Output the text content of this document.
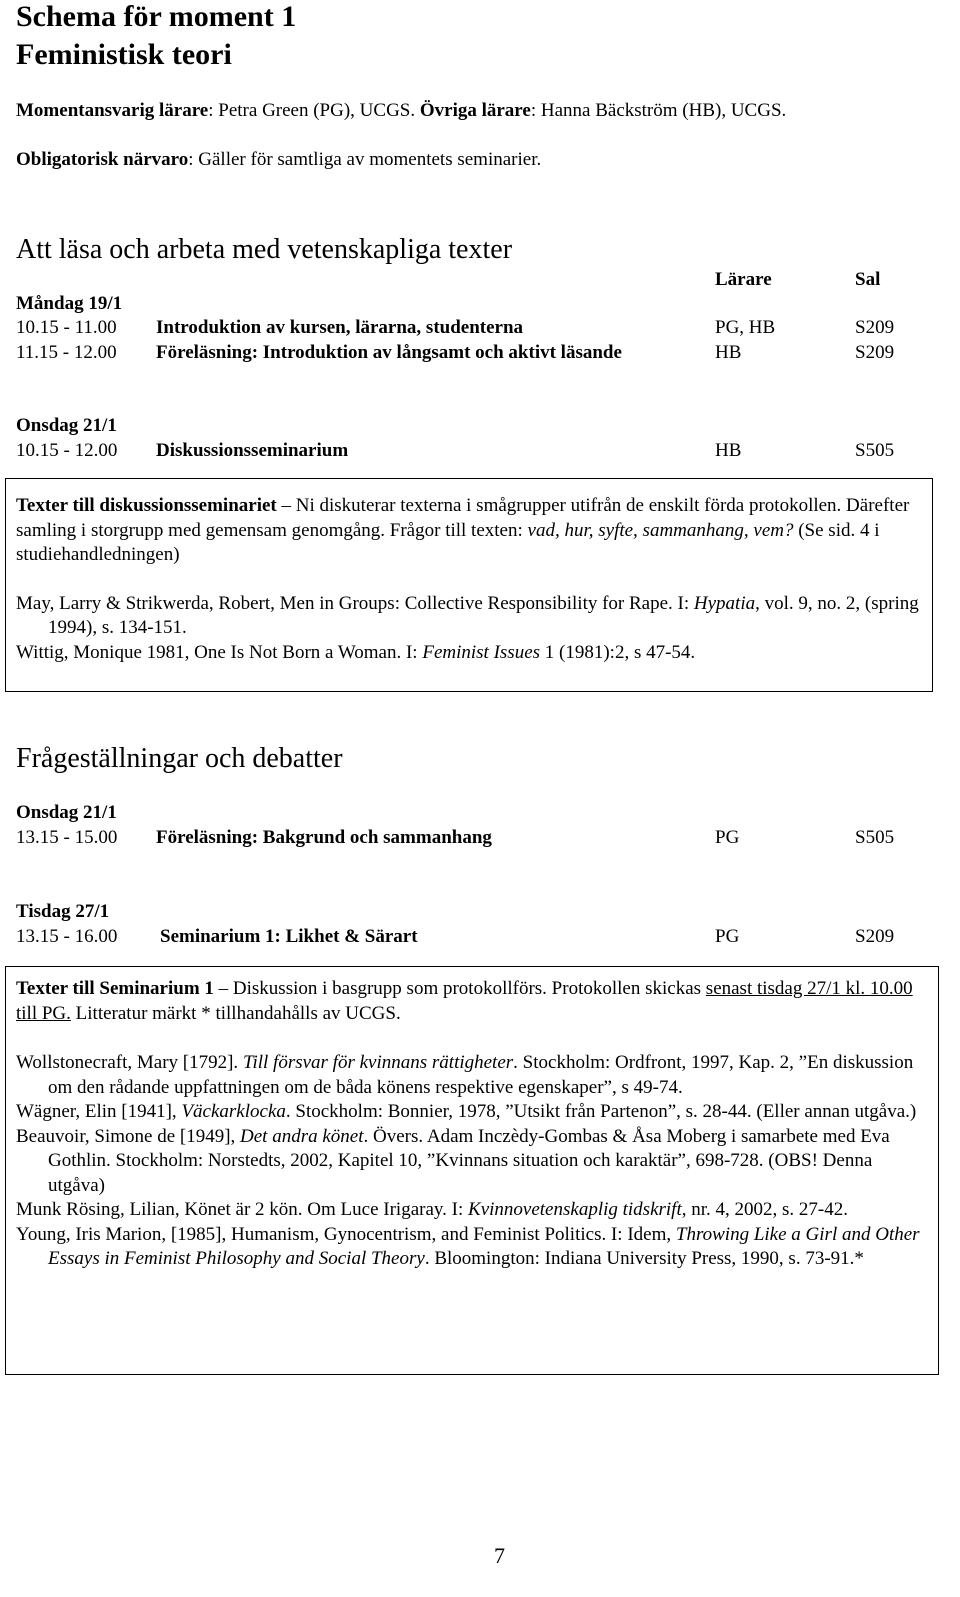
Schema för moment 1
Feministisk teori
Momentansvarig lärare: Petra Green (PG), UCGS. Övriga lärare: Hanna Bäckström (HB), UCGS.
Obligatorisk närvaro: Gäller för samtliga av momentets seminarier.
Att läsa och arbeta med vetenskapliga texter
Lärare	Sal
Måndag 19/1
10.15 - 11.00 Introduktion av kursen, lärarna, studenterna	PG, HB	S209
11.15 - 12.00 Föreläsning: Introduktion av långsamt och aktivt läsande	HB	S209
Onsdag 21/1
10.15 - 12.00 Diskussionsseminarium	HB	S505

Texter till diskussionsseminariet – Ni diskuterar texterna i smågrupper utifrån de enskilt förda protokollen. Därefter samling i storgrupp med gemensam genomgång. Frågor till texten: vad, hur, syfte, sammanhang, vem? (Se sid. 4 i studiehandledningen)

May, Larry & Strikwerda, Robert, Men in Groups: Collective Responsibility for Rape. I: Hypatia, vol. 9, no. 2, (spring 1994), s. 134-151.

Wittig, Monique 1981, One Is Not Born a Woman. I: Feminist Issues 1 (1981):2, s 47-54.

Frågeställningar och debatter
Onsdag 21/1
13.15 - 15.00 Föreläsning: Bakgrund och sammanhang	PG	S505
Tisdag 27/1
13.15 - 16.00 Seminarium 1: Likhet & Särart	PG	S209

Texter till Seminarium 1 – Diskussion i basgrupp som protokollförs. Protokollen skickas senast tisdag 27/1 kl. 10.00 till PG. Litteratur märkt * tillhandahålls av UCGS.

Wollstonecraft, Mary [1792]. Till försvar för kvinnans rättigheter. Stockholm: Ordfront, 1997, Kap. 2, ”En diskussion om den rådande uppfattningen om de båda könens respektive egenskaper”, s 49-74.

Wägner, Elin [1941], Väckarklocka. Stockholm: Bonnier, 1978, ”Utsikt från Partenon”, s. 28-44. (Eller annan utgåva.)

Beauvoir, Simone de [1949], Det andra könet. Övers. Adam Inczèdy-Gombas & Åsa Moberg i samarbete med Eva Gothlin. Stockholm: Norstedts, 2002, Kapitel 10, ”Kvinnans situation och karaktär”, 698-728. (OBS! Denna utgåva)

Munk Rösing, Lilian, Könet är 2 kön. Om Luce Irigaray. I: Kvinnovetenskaplig tidskrift, nr. 4, 2002, s. 27-42.

Young, Iris Marion, [1985], Humanism, Gynocentrism, and Feminist Politics. I: Idem, Throwing Like a Girl and Other Essays in Feminist Philosophy and Social Theory. Bloomington: Indiana University Press, 1990, s. 73-91.*

7
